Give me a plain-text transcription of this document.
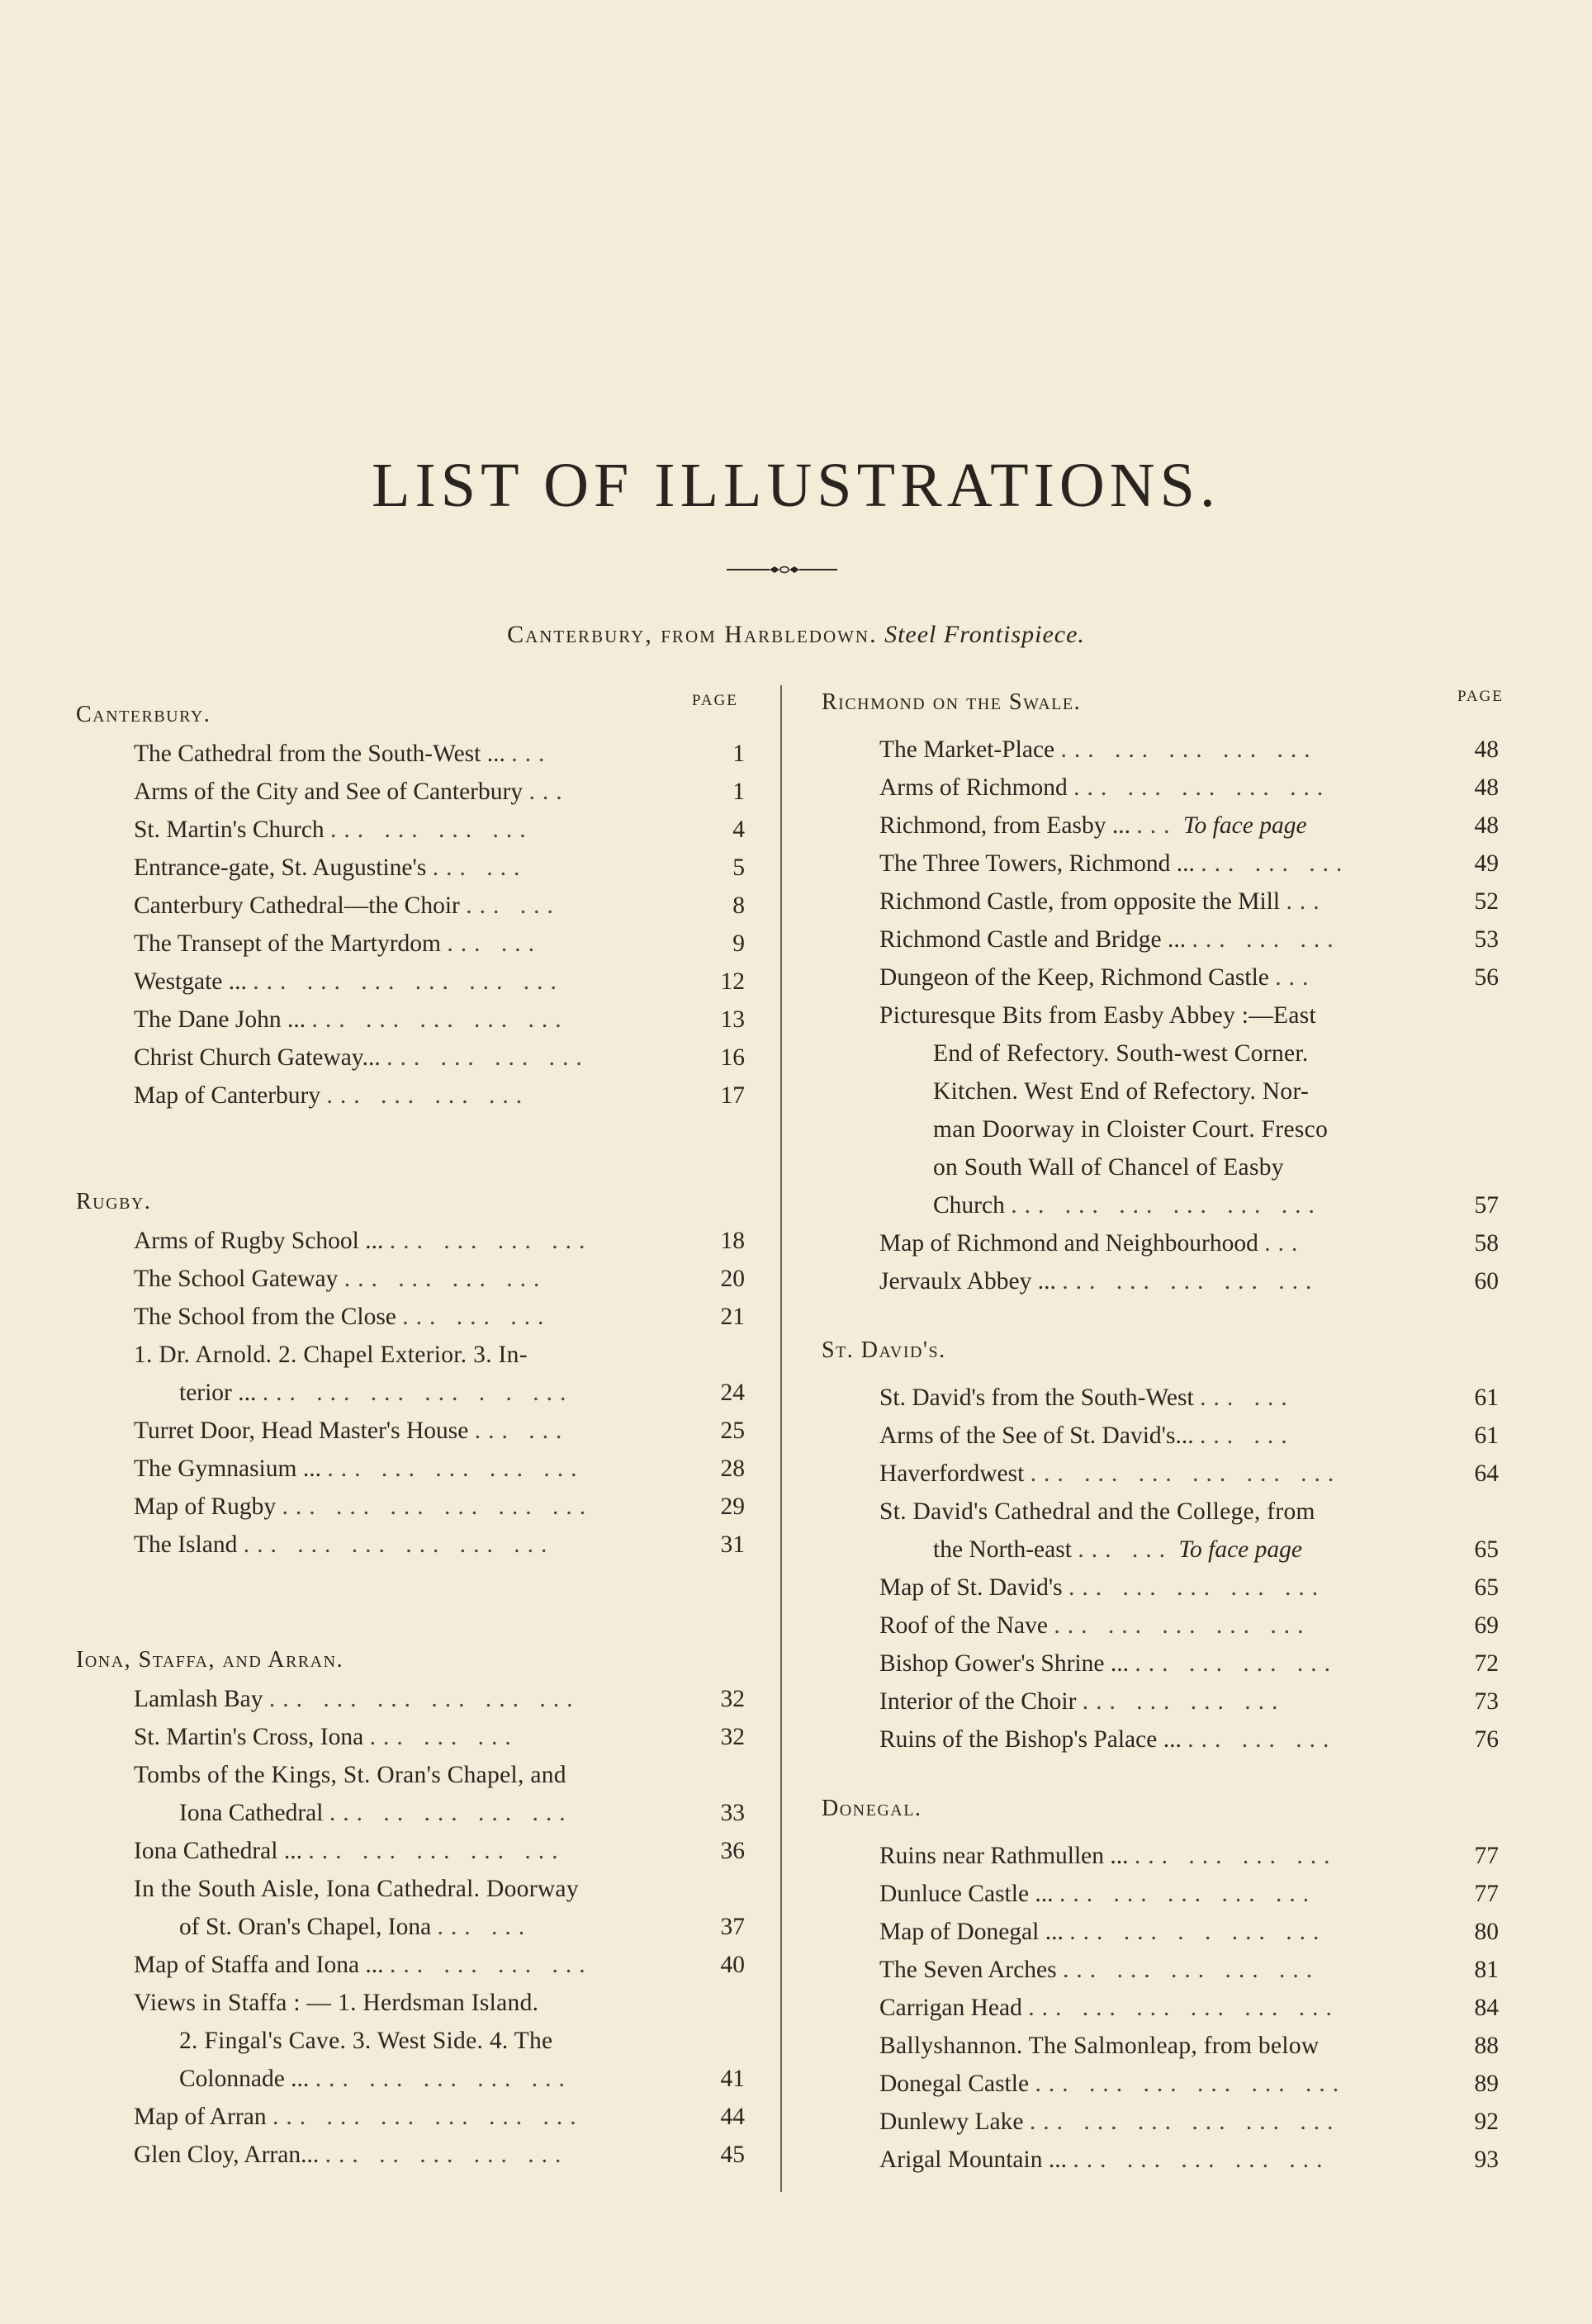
LIST OF ILLUSTRATIONS.
Canterbury, from Harbledown. Steel Frontispiece.
Canterbury.
PAGE
The Cathedral from the South-West ... ...	1
Arms of the City and See of Canterbury ...	1
St. Martin's Church ... ... ... ...	4
Entrance-gate, St. Augustine's ... ...	5
Canterbury Cathedral—the Choir ... ...	8
The Transept of the Martyrdom ... ...	9
Westgate ... ... ... ... ... ... ...	12
The Dane John ... ... ... ... ... ...	13
Christ Church Gateway... ... ... ... ...	16
Map of Canterbury ... ... ... ...	17
Rugby.
Arms of Rugby School ... ... ... ... ...	18
The School Gateway ... ... ... ...	20
The School from the Close ... ... ...	21
1. Dr. Arnold. 2. Chapel Exterior. 3. In-
terior ... ... ... ... ... . . ...	24
Turret Door, Head Master's House ... ...	25
The Gymnasium ... ... ... ... ... ...	28
Map of Rugby ... ... ... ... ... ...	29
The Island ... ... ... ... ... ...	31
Iona, Staffa, and Arran.
Lamlash Bay ... ... ... ... ... ...	32
St. Martin's Cross, Iona ... ... ...	32
Tombs of the Kings, St. Oran's Chapel, and
Iona Cathedral ... .. ... ... ...	33
Iona Cathedral ... ... ... ... ... ...	36
In the South Aisle, Iona Cathedral. Doorway
of St. Oran's Chapel, Iona ... ...	37
Map of Staffa and Iona ... ... ... ... ...	40
Views in Staffa : — 1. Herdsman Island.
2. Fingal's Cave. 3. West Side. 4. The
Colonnade ... ... ... ... ... ...	41
Map of Arran ... ... ... ... ... ...	44
Glen Cloy, Arran... ... .. ... ... ...	45
Richmond on the Swale.	PAGE
The Market-Place ... ... ... ... ...	48
Arms of Richmond ... ... ... ... ...	48
Richmond, from Easby ... ... To face page	48
The Three Towers, Richmond ... ... ... ...	49
Richmond Castle, from opposite the Mill ...	52
Richmond Castle and Bridge ... ... ... ...	53
Dungeon of the Keep, Richmond Castle ...	56
Picturesque Bits from Easby Abbey :—East
End of Refectory. South-west Corner.
Kitchen. West End of Refectory. Nor-
man Doorway in Cloister Court. Fresco
on South Wall of Chancel of Easby
Church ... ... ... ... ... ...	57
Map of Richmond and Neighbourhood ...	58
Jervaulx Abbey ... ... ... ... ... ...	60
St. David's.
St. David's from the South-West ... ...	61
Arms of the See of St. David's... ... ...	61
Haverfordwest ... ... ... ... ... ...	64
St. David's Cathedral and the College, from
the North-east ... ... To face page	65
Map of St. David's ... ... ... ... ...	65
Roof of the Nave ... ... ... ... ...	69
Bishop Gower's Shrine ... ... ... ... ...	72
Interior of the Choir ... ... ... ...	73
Ruins of the Bishop's Palace ... ... ... ...	76
Donegal.
Ruins near Rathmullen ... ... ... ... ...	77
Dunluce Castle ... ... ... ... ... ...	77
Map of Donegal ... ... ... . . ... ...	80
The Seven Arches ... ... ... ... ...	81
Carrigan Head ... ... ... ... ... ...	84
Ballyshannon. The Salmonleap, from below	88
Donegal Castle ... ... ... ... ... ...	89
Dunlewy Lake ... ... ... ... ... ...	92
Arigal Mountain ... ... ... ... ... ...	93
